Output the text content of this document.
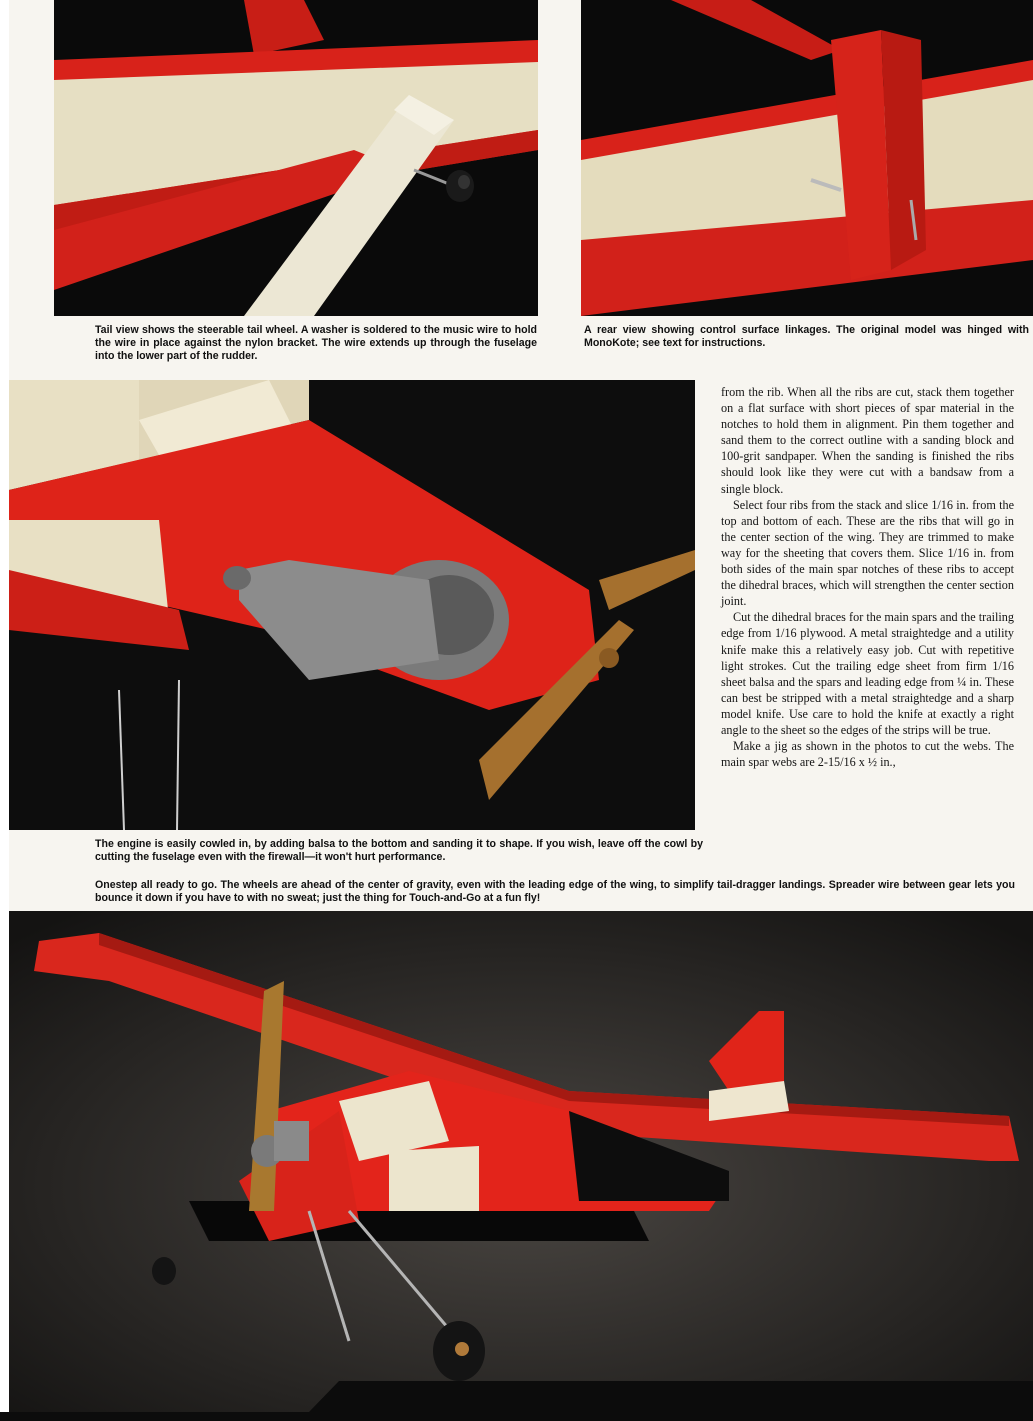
Tail view shows the steerable tail wheel. A washer is soldered to the music wire to hold the wire in place against the nylon bracket. The wire extends up through the fuselage into the lower part of the rudder.

A rear view showing control surface linkages. The original model was hinged with MonoKote; see text for instructions.

The engine is easily cowled in, by adding balsa to the bottom and sanding it to shape. If you wish, leave off the cowl by cutting the fuselage even with the firewall—it won't hurt performance.

from the rib. When all the ribs are cut, stack them together on a flat surface with short pieces of spar material in the notches to hold them in alignment. Pin them together and sand them to the correct outline with a sanding block and 100-grit sandpaper. When the sanding is finished the ribs should look like they were cut with a bandsaw from a single block.

Select four ribs from the stack and slice 1/16 in. from the top and bottom of each. These are the ribs that will go in the center section of the wing. They are trimmed to make way for the sheeting that covers them. Slice 1/16 in. from both sides of the main spar notches of these ribs to accept the dihedral braces, which will strengthen the center section joint.

Cut the dihedral braces for the main spars and the trailing edge from 1/16 plywood. A metal straightedge and a utility knife make this a relatively easy job. Cut with repetitive light strokes. Cut the trailing edge sheet from firm 1/16 sheet balsa and the spars and leading edge from ¼ in. These can best be stripped with a metal straightedge and a sharp model knife. Use care to hold the knife at exactly a right angle to the sheet so the edges of the strips will be true.

Make a jig as shown in the photos to cut the webs. The main spar webs are 2-15/16 x ½ in.,

Onestep all ready to go. The wheels are ahead of the center of gravity, even with the leading edge of the wing, to simplify tail-dragger landings. Spreader wire between gear lets you bounce it down if you have to with no sweat; just the thing for Touch-and-Go at a fun fly!
